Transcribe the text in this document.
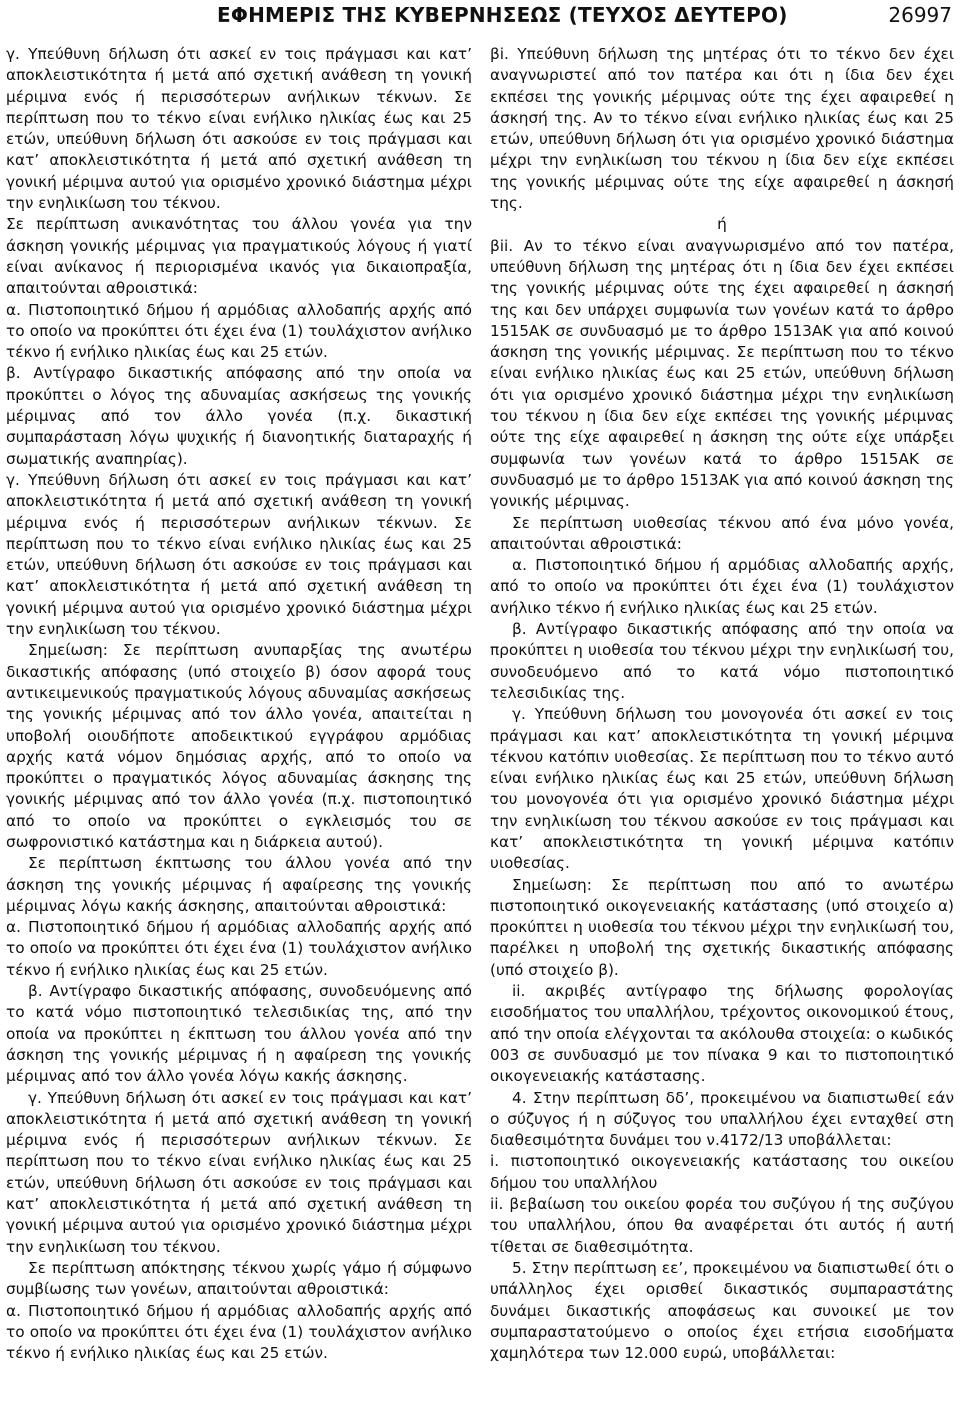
ΕΦΗΜΕΡΙΣ ΤΗΣ ΚΥΒΕΡΝΗΣΕΩΣ (ΤΕΥΧΟΣ ΔΕΥΤΕΡΟ)	26997

γ. Υπεύθυνη δήλωση ότι ασκεί εν τοις πράγμασι και κατ’ αποκλειστικότητα ή μετά από σχετική ανάθεση τη γονική μέριμνα ενός ή περισσότερων ανήλικων τέκνων. Σε περίπτωση που το τέκνο είναι ενήλικο ηλικίας έως και 25 ετών, υπεύθυνη δήλωση ότι ασκούσε εν τοις πράγμασι και κατ’ αποκλειστικότητα ή μετά από σχετική ανάθεση τη γονική μέριμνα αυτού για ορισμένο χρονικό διάστημα μέχρι την ενηλικίωση του τέκνου.

Σε περίπτωση ανικανότητας του άλλου γονέα για την άσκηση γονικής μέριμνας για πραγματικούς λόγους ή γιατί είναι ανίκανος ή περιορισμένα ικανός για δικαιοπραξία, απαιτούνται αθροιστικά:

α. Πιστοποιητικό δήμου ή αρμόδιας αλλοδαπής αρχής από το οποίο να προκύπτει ότι έχει ένα (1) τουλάχιστον ανήλικο τέκνο ή ενήλικο ηλικίας έως και 25 ετών.

β. Αντίγραφο δικαστικής απόφασης από την οποία να προκύπτει ο λόγος της αδυναμίας ασκήσεως της γονικής μέριμνας από τον άλλο γονέα (π.χ. δικαστική συμπαράσταση λόγω ψυχικής ή διανοητικής διαταραχής ή σωματικής αναπηρίας).

γ. Υπεύθυνη δήλωση ότι ασκεί εν τοις πράγμασι και κατ’ αποκλειστικότητα ή μετά από σχετική ανάθεση τη γονική μέριμνα ενός ή περισσότερων ανήλικων τέκνων. Σε περίπτωση που το τέκνο είναι ενήλικο ηλικίας έως και 25 ετών, υπεύθυνη δήλωση ότι ασκούσε εν τοις πράγμασι και κατ’ αποκλειστικότητα ή μετά από σχετική ανάθεση τη γονική μέριμνα αυτού για ορισμένο χρονικό διάστημα μέχρι την ενηλικίωση του τέκνου.

Σημείωση: Σε περίπτωση ανυπαρξίας της ανωτέρω δικαστικής απόφασης (υπό στοιχείο β) όσον αφορά τους αντικειμενικούς πραγματικούς λόγους αδυναμίας ασκήσεως της γονικής μέριμνας από τον άλλο γονέα, απαιτείται η υποβολή οιουδήποτε αποδεικτικού εγγράφου αρμόδιας αρχής κατά νόμον δημόσιας αρχής, από το οποίο να προκύπτει ο πραγματικός λόγος αδυναμίας άσκησης της γονικής μέριμνας από τον άλλο γονέα (π.χ. πιστοποιητικό από το οποίο να προκύπτει ο εγκλεισμός του σε σωφρονιστικό κατάστημα και η διάρκεια αυτού).

Σε περίπτωση έκπτωσης του άλλου γονέα από την άσκηση της γονικής μέριμνας ή αφαίρεσης της γονικής μέριμνας λόγω κακής άσκησης, απαιτούνται αθροιστικά:

α. Πιστοποιητικό δήμου ή αρμόδιας αλλοδαπής αρχής από το οποίο να προκύπτει ότι έχει ένα (1) τουλάχιστον ανήλικο τέκνο ή ενήλικο ηλικίας έως και 25 ετών.

β. Αντίγραφο δικαστικής απόφασης, συνοδευόμενης από το κατά νόμο πιστοποιητικό τελεσιδικίας της, από την οποία να προκύπτει η έκπτωση του άλλου γονέα από την άσκηση της γονικής μέριμνας ή η αφαίρεση της γονικής μέριμνας από τον άλλο γονέα λόγω κακής άσκησης.

γ. Υπεύθυνη δήλωση ότι ασκεί εν τοις πράγμασι και κατ’ αποκλειστικότητα ή μετά από σχετική ανάθεση τη γονική μέριμνα ενός ή περισσότερων ανήλικων τέκνων. Σε περίπτωση που το τέκνο είναι ενήλικο ηλικίας έως και 25 ετών, υπεύθυνη δήλωση ότι ασκούσε εν τοις πράγμασι και κατ’ αποκλειστικότητα ή μετά από σχετική ανάθεση τη γονική μέριμνα αυτού για ορισμένο χρονικό διάστημα μέχρι την ενηλικίωση του τέκνου.

Σε περίπτωση απόκτησης τέκνου χωρίς γάμο ή σύμφωνο συμβίωσης των γονέων, απαιτούνται αθροιστικά:

α. Πιστοποιητικό δήμου ή αρμόδιας αλλοδαπής αρχής από το οποίο να προκύπτει ότι έχει ένα (1) τουλάχιστον ανήλικο τέκνο ή ενήλικο ηλικίας έως και 25 ετών.

βi. Υπεύθυνη δήλωση της μητέρας ότι το τέκνο δεν έχει αναγνωριστεί από τον πατέρα και ότι η ίδια δεν έχει εκπέσει της γονικής μέριμνας ούτε της έχει αφαιρεθεί η άσκησή της. Αν το τέκνο είναι ενήλικο ηλικίας έως και 25 ετών, υπεύθυνη δήλωση ότι για ορισμένο χρονικό διάστημα μέχρι την ενηλικίωση του τέκνου η ίδια δεν είχε εκπέσει της γονικής μέριμνας ούτε της είχε αφαιρεθεί η άσκησή της.

ή

βii. Αν το τέκνο είναι αναγνωρισμένο από τον πατέρα, υπεύθυνη δήλωση της μητέρας ότι η ίδια δεν έχει εκπέσει της γονικής μέριμνας ούτε της έχει αφαιρεθεί η άσκησή της και δεν υπάρχει συμφωνία των γονέων κατά το άρθρο 1515ΑΚ σε συνδυασμό με το άρθρο 1513ΑΚ για από κοινού άσκηση της γονικής μέριμνας. Σε περίπτωση που το τέκνο είναι ενήλικο ηλικίας έως και 25 ετών, υπεύθυνη δήλωση ότι για ορισμένο χρονικό διάστημα μέχρι την ενηλικίωση του τέκνου η ίδια δεν είχε εκπέσει της γονικής μέριμνας ούτε της είχε αφαιρεθεί η άσκηση της ούτε είχε υπάρξει συμφωνία των γονέων κατά το άρθρο 1515ΑΚ σε συνδυασμό με το άρθρο 1513ΑΚ για από κοινού άσκηση της γονικής μέριμνας.

Σε περίπτωση υιοθεσίας τέκνου από ένα μόνο γονέα, απαιτούνται αθροιστικά:

α. Πιστοποιητικό δήμου ή αρμόδιας αλλοδαπής αρχής, από το οποίο να προκύπτει ότι έχει ένα (1) τουλάχιστον ανήλικο τέκνο ή ενήλικο ηλικίας έως και 25 ετών.

β. Αντίγραφο δικαστικής απόφασης από την οποία να προκύπτει η υιοθεσία του τέκνου μέχρι την ενηλικίωσή του, συνοδευόμενο από το κατά νόμο πιστοποιητικό τελεσιδικίας της.

γ. Υπεύθυνη δήλωση του μονογονέα ότι ασκεί εν τοις πράγμασι και κατ’ αποκλειστικότητα τη γονική μέριμνα τέκνου κατόπιν υιοθεσίας. Σε περίπτωση που το τέκνο αυτό είναι ενήλικο ηλικίας έως και 25 ετών, υπεύθυνη δήλωση του μονογονέα ότι για ορισμένο χρονικό διάστημα μέχρι την ενηλικίωση του τέκνου ασκούσε εν τοις πράγμασι και κατ’ αποκλειστικότητα τη γονική μέριμνα κατόπιν υιοθεσίας.

Σημείωση: Σε περίπτωση που από το ανωτέρω πιστοποιητικό οικογενειακής κατάστασης (υπό στοιχείο α) προκύπτει η υιοθεσία του τέκνου μέχρι την ενηλικίωσή του, παρέλκει η υποβολή της σχετικής δικαστικής απόφασης (υπό στοιχείο β).

ii. ακριβές αντίγραφο της δήλωσης φορολογίας εισοδήματος του υπαλλήλου, τρέχοντος οικονομικού έτους, από την οποία ελέγχονται τα ακόλουθα στοιχεία: ο κωδικός 003 σε συνδυασμό με τον πίνακα 9 και το πιστοποιητικό οικογενειακής κατάστασης.

4. Στην περίπτωση δδ’, προκειμένου να διαπιστωθεί εάν ο σύζυγος ή η σύζυγος του υπαλλήλου έχει ενταχθεί στη διαθεσιμότητα δυνάμει του ν.4172/13 υποβάλλεται:

i. πιστοποιητικό οικογενειακής κατάστασης του οικείου δήμου του υπαλλήλου

ii. βεβαίωση του οικείου φορέα του συζύγου ή της συζύγου του υπαλλήλου, όπου θα αναφέρεται ότι αυτός ή αυτή τίθεται σε διαθεσιμότητα.

5. Στην περίπτωση εε’, προκειμένου να διαπιστωθεί ότι ο υπάλληλος έχει ορισθεί δικαστικός συμπαραστάτης δυνάμει δικαστικής αποφάσεως και συνοικεί με τον συμπαραστατούμενο ο οποίος έχει ετήσια εισοδήματα χαμηλότερα των 12.000 ευρώ, υποβάλλεται:
